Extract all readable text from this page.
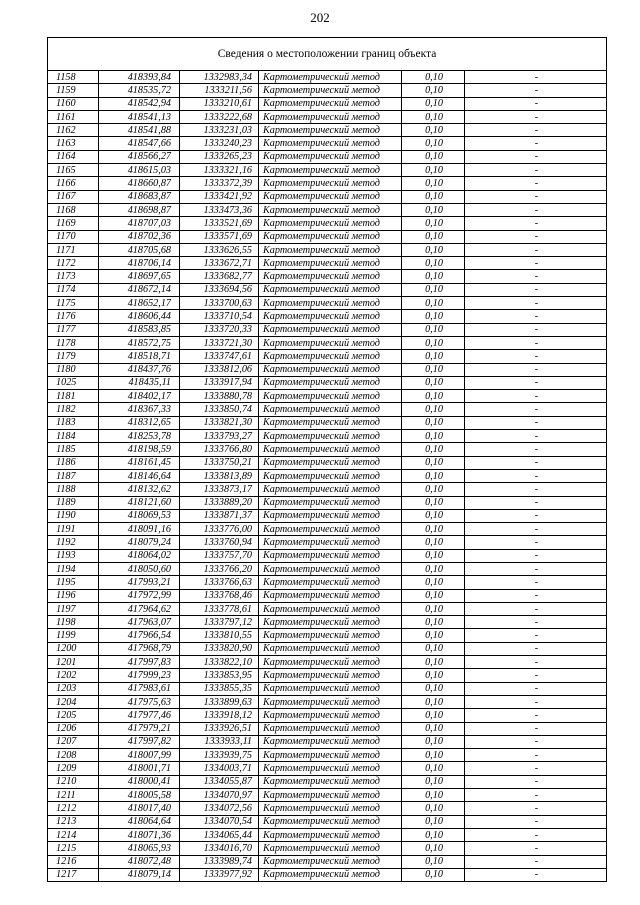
202
Сведения о местоположении границ объекта
1158	418393,84	1332983,34	Картометрический метод	0,10	-
1159	418535,72	1333211,56	Картометрический метод	0,10	-
1160	418542,94	1333210,61	Картометрический метод	0,10	-
1161	418541,13	1333222,68	Картометрический метод	0,10	-
1162	418541,88	1333231,03	Картометрический метод	0,10	-
1163	418547,66	1333240,23	Картометрический метод	0,10	-
1164	418566,27	1333265,23	Картометрический метод	0,10	-
1165	418615,03	1333321,16	Картометрический метод	0,10	-
1166	418660,87	1333372,39	Картометрический метод	0,10	-
1167	418683,87	1333421,92	Картометрический метод	0,10	-
1168	418698,87	1333473,36	Картометрический метод	0,10	-
1169	418707,03	1333521,69	Картометрический метод	0,10	-
1170	418702,36	1333571,69	Картометрический метод	0,10	-
1171	418705,68	1333626,55	Картометрический метод	0,10	-
1172	418706,14	1333672,71	Картометрический метод	0,10	-
1173	418697,65	1333682,77	Картометрический метод	0,10	-
1174	418672,14	1333694,56	Картометрический метод	0,10	-
1175	418652,17	1333700,63	Картометрический метод	0,10	-
1176	418606,44	1333710,54	Картометрический метод	0,10	-
1177	418583,85	1333720,33	Картометрический метод	0,10	-
1178	418572,75	1333721,30	Картометрический метод	0,10	-
1179	418518,71	1333747,61	Картометрический метод	0,10	-
1180	418437,76	1333812,06	Картометрический метод	0,10	-
1025	418435,11	1333917,94	Картометрический метод	0,10	-
1181	418402,17	1333880,78	Картометрический метод	0,10	-
1182	418367,33	1333850,74	Картометрический метод	0,10	-
1183	418312,65	1333821,30	Картометрический метод	0,10	-
1184	418253,78	1333793,27	Картометрический метод	0,10	-
1185	418198,59	1333766,80	Картометрический метод	0,10	-
1186	418161,45	1333750,21	Картометрический метод	0,10	-
1187	418146,64	1333813,89	Картометрический метод	0,10	-
1188	418132,62	1333873,17	Картометрический метод	0,10	-
1189	418121,60	1333889,20	Картометрический метод	0,10	-
1190	418069,53	1333871,37	Картометрический метод	0,10	-
1191	418091,16	1333776,00	Картометрический метод	0,10	-
1192	418079,24	1333760,94	Картометрический метод	0,10	-
1193	418064,02	1333757,70	Картометрический метод	0,10	-
1194	418050,60	1333766,20	Картометрический метод	0,10	-
1195	417993,21	1333766,63	Картометрический метод	0,10	-
1196	417972,99	1333768,46	Картометрический метод	0,10	-
1197	417964,62	1333778,61	Картометрический метод	0,10	-
1198	417963,07	1333797,12	Картометрический метод	0,10	-
1199	417966,54	1333810,55	Картометрический метод	0,10	-
1200	417968,79	1333820,90	Картометрический метод	0,10	-
1201	417997,83	1333822,10	Картометрический метод	0,10	-
1202	417999,23	1333853,95	Картометрический метод	0,10	-
1203	417983,61	1333855,35	Картометрический метод	0,10	-
1204	417975,63	1333899,63	Картометрический метод	0,10	-
1205	417977,46	1333918,12	Картометрический метод	0,10	-
1206	417979,21	1333926,51	Картометрический метод	0,10	-
1207	417997,82	1333933,11	Картометрический метод	0,10	-
1208	418007,99	1333939,75	Картометрический метод	0,10	-
1209	418001,71	1334003,71	Картометрический метод	0,10	-
1210	418000,41	1334055,87	Картометрический метод	0,10	-
1211	418005,58	1334070,97	Картометрический метод	0,10	-
1212	418017,40	1334072,56	Картометрический метод	0,10	-
1213	418064,64	1334070,54	Картометрический метод	0,10	-
1214	418071,36	1334065,44	Картометрический метод	0,10	-
1215	418065,93	1334016,70	Картометрический метод	0,10	-
1216	418072,48	1333989,74	Картометрический метод	0,10	-
1217	418079,14	1333977,92	Картометрический метод	0,10	-
